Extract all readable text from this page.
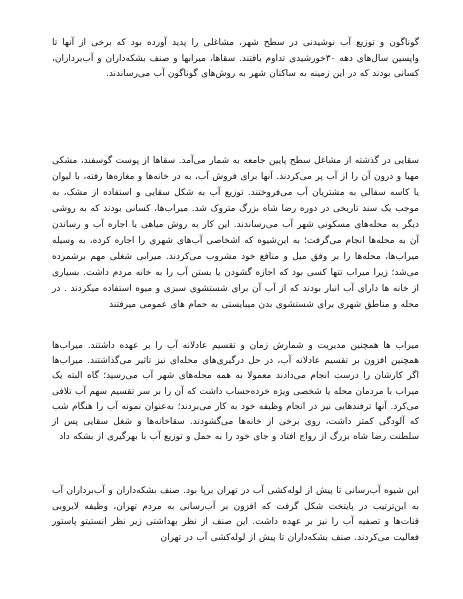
گوناگون و توزیع آب نوشیدنی در سطح شهر، مشاغلی را پدید آورده بود که برخی از آنها تا واپسین سال‌های دهه ۳۰خورشیدی تداوم یافتند. سقاها، میرابها و صنف بشکه‌داران و آب‌برداران، کسانی بودند که در این زمینه به ساکنان شهر به روش‌های گوناگون آب می‌رساندند.

سقایی در گذشته از مشاغل سطح پایین جامعه به شمار می‌آمد. سقاها از پوست گوسفند، مشکی مهیا و درون آن را از آب پر می‌کردند. آنها برای فروش آب، به در خانه‌ها و مغازه‌ها رفته، با لیوان یا کاسه سفالی به مشتریان آب می‌فروختند. توزیع آب به شکل سقایی و استفاده از مشک، به موجب یک سند تاریخی در دوره رضا شاه بزرگ متروک شد. میراب‌ها، کسانی بودند که به روشی دیگر به محله‌های مسکونی شهر آب می‌رساندند. این کار به روش میاهی یا اجاره آب و رساندن آن به محله‌ها انجام می‌گرفت؛ به این‌شیوه که اشخاصی آب‌های شهری را اجاره کرده، به وسیله میراب‌ها، محله‌ها را بر وفق میل و منافع خود مشروب می‌کردند. میرابی شغلی مهم برشمرده می‌شد؛ زیرا میراب تنها کسی بود که اجازه گشودن یا بستن آب را به خانه مردم داشت. بسیاری از خانه ها دارای آب انبار بودند که از آب آن برای شستشوی سبزی و میوه استفاده میکردند . در محله و مناطق شهری برای شستشوی بدن میبایستی به حمام های عمومی میرفتند

میراب ها همچنین مدیریت و شمارش زمان و تقسیم عادلانه آب را بر عهده داشتند. میراب‌ها همچنین افزون بر تقسیم عادلانه آب، در حل درگیری‌های محله‌ای نیز تاثیر می‌گذاشتند. میراب‌ها اگر کارشان را درست انجام می‌دادند معمولا به همه محله‌های شهر آب می‌رسید؛ گاه البته یک میراب با مردمان محله یا شخصی ویژه خرده‌حساب داشت که آن را بر سر تقسیم سهم آب تلافی می‌کرد. آنها ترفندهایی نیز در انجام وظیفه خود به کار می‌بردند؛ به‌عنوان نمونه آب را هنگام شب که آلودگی کمتر داشت، روی برخی از خانه‌ها می‌گشودند. سقاخانه‌ها و شغل سقایی پس از سلطنت رضا شاه بزرگ از رواج افتاد و جای خود را به حمل و توزیع آب با بهرگیری از بشکه داد

این شیوه آب‌رسانی تا پیش از لوله‌کشی آب در تهران برپا بود. صنف بشکه‌داران و آب‌برداران آب به این‌ترتیب در پایتخت شکل گرفت که افزون بر آب‌رسانی به مردم تهران، وظیفه لایروبی قنات‌ها و تصفیه آب را نیز بر عهده داشت. این صنف از نظر بهداشتی زیر نظر انستیتو پاستور فعالیت می‌کردند. صنف بشکه‌داران تا پیش از لوله‌کشی آب در تهران
